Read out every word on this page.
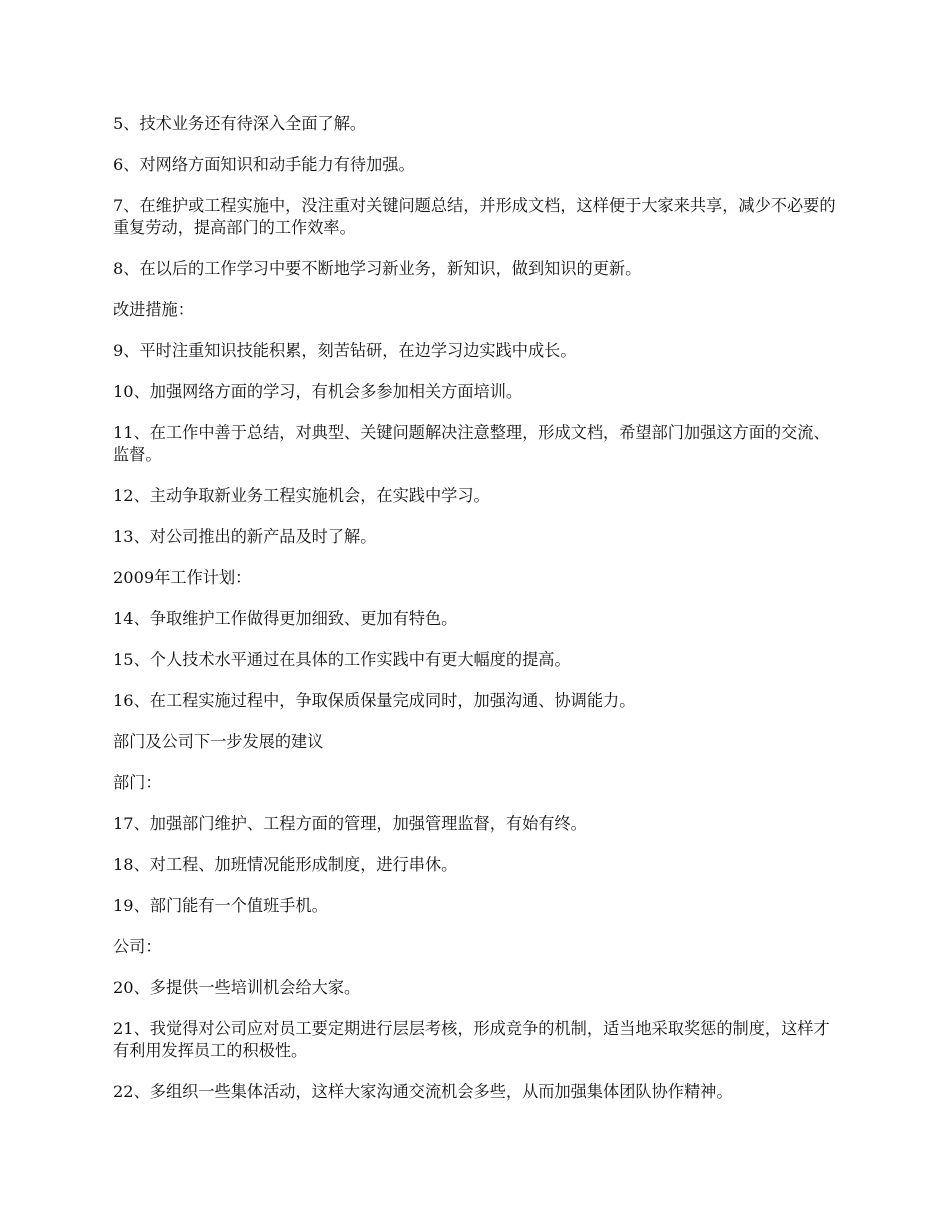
5、技术业务还有待深入全面了解。

6、对网络方面知识和动手能力有待加强。

7、在维护或工程实施中，没注重对关键问题总结，并形成文档，这样便于大家来共享，减少不必要的重复劳动，提高部门的工作效率。

8、在以后的工作学习中要不断地学习新业务，新知识，做到知识的更新。

改进措施：

9、平时注重知识技能积累，刻苦钻研，在边学习边实践中成长。

10、加强网络方面的学习，有机会多参加相关方面培训。

11、在工作中善于总结，对典型、关键问题解决注意整理，形成文档，希望部门加强这方面的交流、监督。

12、主动争取新业务工程实施机会，在实践中学习。

13、对公司推出的新产品及时了解。

2009年工作计划：

14、争取维护工作做得更加细致、更加有特色。

15、个人技术水平通过在具体的工作实践中有更大幅度的提高。

16、在工程实施过程中，争取保质保量完成同时，加强沟通、协调能力。

部门及公司下一步发展的建议

部门：

17、加强部门维护、工程方面的管理，加强管理监督，有始有终。

18、对工程、加班情况能形成制度，进行串休。

19、部门能有一个值班手机。

公司：

20、多提供一些培训机会给大家。

21、我觉得对公司应对员工要定期进行层层考核，形成竞争的机制，适当地采取奖惩的制度，这样才有利用发挥员工的积极性。

22、多组织一些集体活动，这样大家沟通交流机会多些，从而加强集体团队协作精神。
